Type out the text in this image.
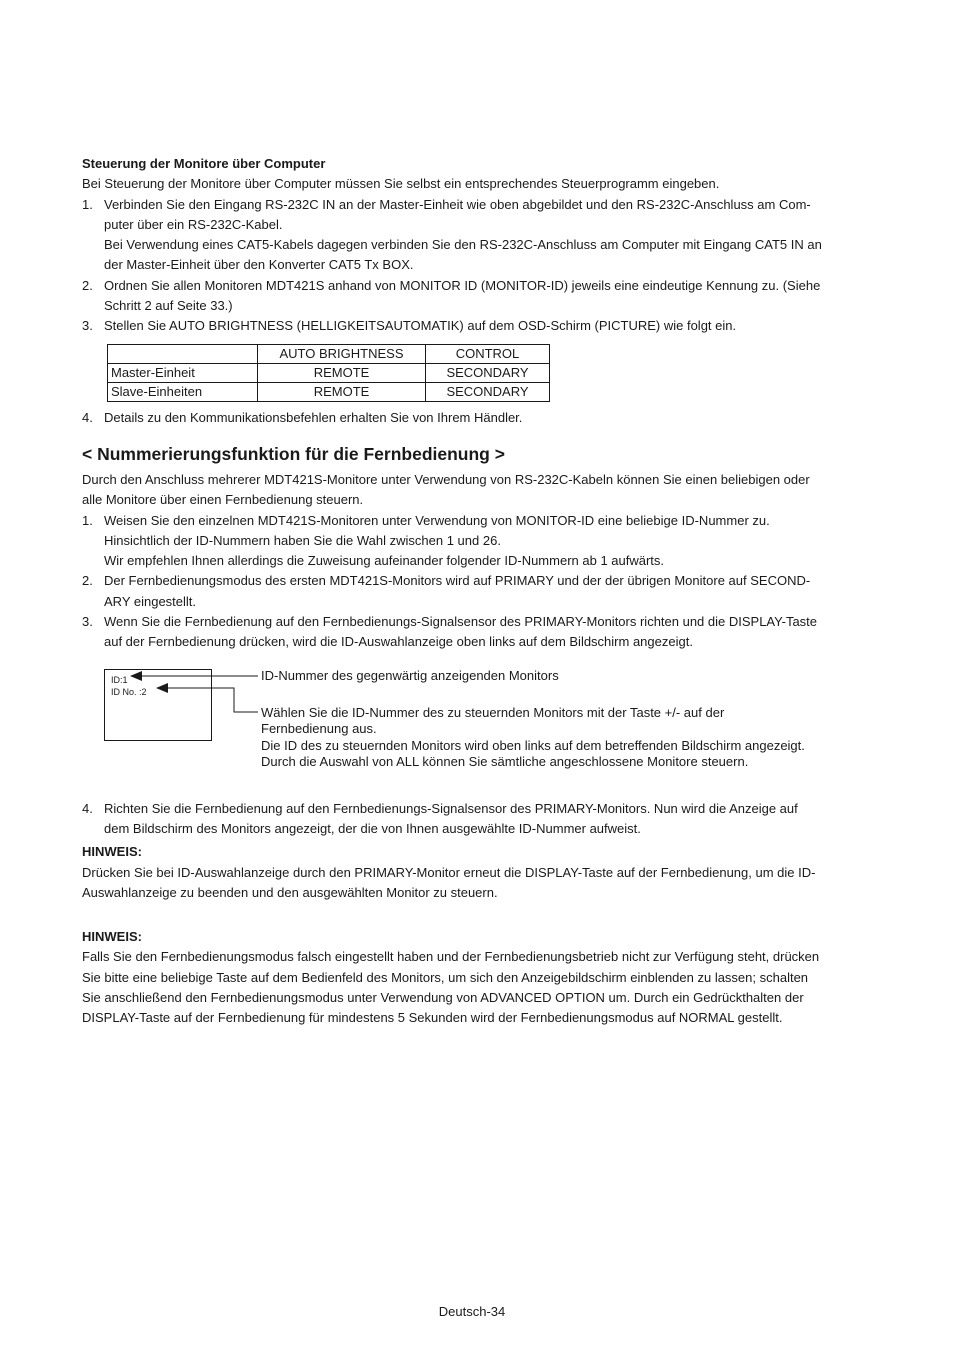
Steuerung der Monitore über Computer

Bei Steuerung der Monitore über Computer müssen Sie selbst ein entsprechendes Steuerprogramm eingeben.

1. Verbinden Sie den Eingang RS-232C IN an der Master-Einheit wie oben abgebildet und den RS-232C-Anschluss am Com-
puter über ein RS-232C-Kabel.
Bei Verwendung eines CAT5-Kabels dagegen verbinden Sie den RS-232C-Anschluss am Computer mit Eingang CAT5 IN an
der Master-Einheit über den Konverter CAT5 Tx BOX.
2. Ordnen Sie allen Monitoren MDT421S anhand von MONITOR ID (MONITOR-ID) jeweils eine eindeutige Kennung zu. (Siehe
Schritt 2 auf Seite 33.)
3. Stellen Sie AUTO BRIGHTNESS (HELLIGKEITSAUTOMATIK) auf dem OSD-Schirm (PICTURE) wie folgt ein.
	AUTO BRIGHTNESS	CONTROL
Master-Einheit	REMOTE	SECONDARY
Slave-Einheiten	REMOTE	SECONDARY
4. Details zu den Kommunikationsbefehlen erhalten Sie von Ihrem Händler.
< Nummerierungsfunktion für die Fernbedienung >

Durch den Anschluss mehrerer MDT421S-Monitore unter Verwendung von RS-232C-Kabeln können Sie einen beliebigen oder
alle Monitore über einen Fernbedienung steuern.

1. Weisen Sie den einzelnen MDT421S-Monitoren unter Verwendung von MONITOR-ID eine beliebige ID-Nummer zu.
Hinsichtlich der ID-Nummern haben Sie die Wahl zwischen 1 und 26.
Wir empfehlen Ihnen allerdings die Zuweisung aufeinander folgender ID-Nummern ab 1 aufwärts.
2. Der Fernbedienungsmodus des ersten MDT421S-Monitors wird auf PRIMARY und der der übrigen Monitore auf SECOND-
ARY eingestellt.
3. Wenn Sie die Fernbedienung auf den Fernbedienungs-Signalsensor des PRIMARY-Monitors richten und die DISPLAY-Taste
auf der Fernbedienung drücken, wird die ID-Auswahlanzeige oben links auf dem Bildschirm angezeigt.
ID:1
ID No. :2
ID-Nummer des gegenwärtig anzeigenden Monitors
Wählen Sie die ID-Nummer des zu steuernden Monitors mit der Taste +/- auf der
Fernbedienung aus.
Die ID des zu steuernden Monitors wird oben links auf dem betreffenden Bildschirm angezeigt.
Durch die Auswahl von ALL können Sie sämtliche angeschlossene Monitore steuern.
4. Richten Sie die Fernbedienung auf den Fernbedienungs-Signalsensor des PRIMARY-Monitors. Nun wird die Anzeige auf
dem Bildschirm des Monitors angezeigt, der die von Ihnen ausgewählte ID-Nummer aufweist.

HINWEIS:

Drücken Sie bei ID-Auswahlanzeige durch den PRIMARY-Monitor erneut die DISPLAY-Taste auf der Fernbedienung, um die ID-
Auswahlanzeige zu beenden und den ausgewählten Monitor zu steuern.

HINWEIS:

Falls Sie den Fernbedienungsmodus falsch eingestellt haben und der Fernbedienungsbetrieb nicht zur Verfügung steht, drücken
Sie bitte eine beliebige Taste auf dem Bedienfeld des Monitors, um sich den Anzeigebildschirm einblenden zu lassen; schalten
Sie anschließend den Fernbedienungsmodus unter Verwendung von ADVANCED OPTION um. Durch ein Gedrückthalten der
DISPLAY-Taste auf der Fernbedienung für mindestens 5 Sekunden wird der Fernbedienungsmodus auf NORMAL gestellt.

Deutsch-34
